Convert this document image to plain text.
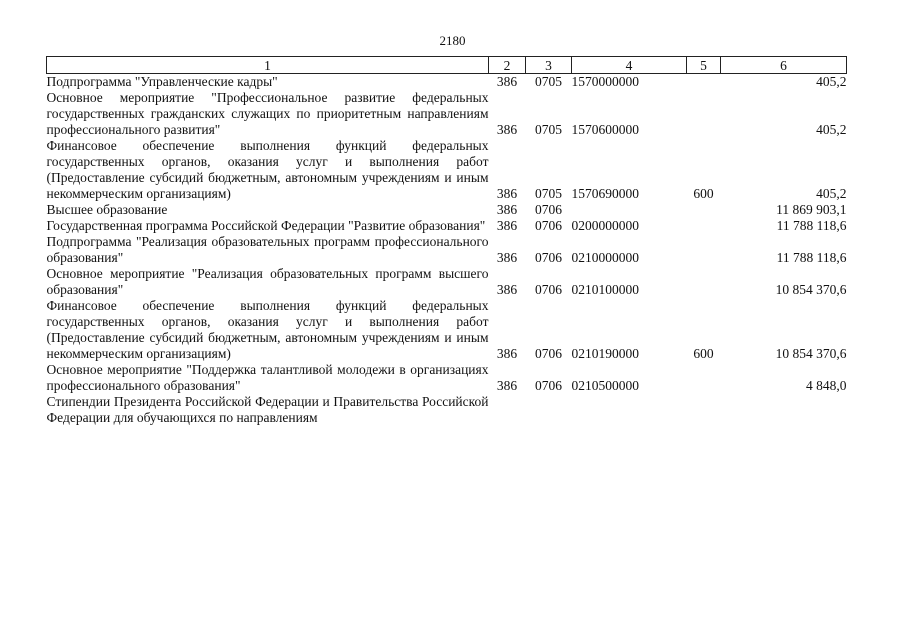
2180
1	2	3	4	5	6
Подпрограмма "Управленческие кадры"	386	0705	1570000000		405,2
Основное мероприятие "Профессиональное развитие федеральных государственных гражданских служащих по приоритетным направлениям профессионального развития"	386	0705	1570600000		405,2
Финансовое обеспечение выполнения функций федеральных государственных органов, оказания услуг и выполнения работ (Предоставление субсидий бюджетным, автономным учреждениям и иным некоммерческим организациям)	386	0705	1570690000	600	405,2
Высшее образование	386	0706			11 869 903,1
Государственная программа Российской Федерации "Развитие образования"	386	0706	0200000000		11 788 118,6
Подпрограмма "Реализация образовательных программ профессионального образования"	386	0706	0210000000		11 788 118,6
Основное мероприятие "Реализация образовательных программ высшего образования"	386	0706	0210100000		10 854 370,6
Финансовое обеспечение выполнения функций федеральных государственных органов, оказания услуг и выполнения работ (Предоставление субсидий бюджетным, автономным учреждениям и иным некоммерческим организациям)	386	0706	0210190000	600	10 854 370,6
Основное мероприятие "Поддержка талантливой молодежи в организациях профессионального образования"	386	0706	0210500000		4 848,0
Стипендии Президента Российской Федерации и Правительства Российской Федерации для обучающихся по направлениям					
